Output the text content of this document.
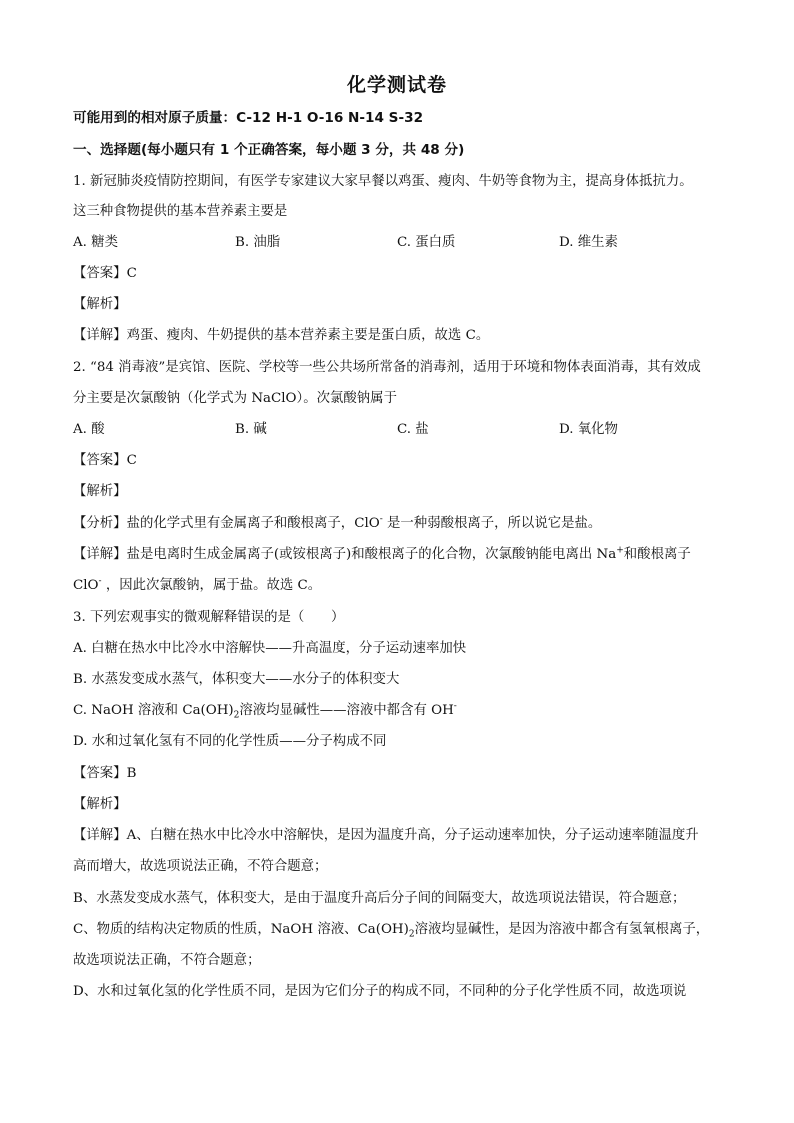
化学测试卷
可能用到的相对原子质量：C-12 H-1 O-16 N-14 S-32
一、选择题(每小题只有 1 个正确答案，每小题 3 分，共 48 分)
1. 新冠肺炎疫情防控期间，有医学专家建议大家早餐以鸡蛋、瘦肉、牛奶等食物为主，提高身体抵抗力。
这三种食物提供的基本营养素主要是
A. 糖类	B. 油脂	C. 蛋白质	D. 维生素
【答案】C
【解析】
【详解】鸡蛋、瘦肉、牛奶提供的基本营养素主要是蛋白质，故选 C。
2. “84 消毒液”是宾馆、医院、学校等一些公共场所常备的消毒剂，适用于环境和物体表面消毒，其有效成
分主要是次氯酸钠（化学式为 NaClO）。次氯酸钠属于
A. 酸	B. 碱	C. 盐	D. 氧化物
【答案】C
【解析】
【分析】盐的化学式里有金属离子和酸根离子，ClO- 是一种弱酸根离子，所以说它是盐。
【详解】盐是电离时生成金属离子(或铵根离子)和酸根离子的化合物，次氯酸钠能电离出 Na+和酸根离子
ClO- ，因此次氯酸钠，属于盐。故选 C。
3. 下列宏观事实的微观解释错误的是（　　）
A. 白糖在热水中比冷水中溶解快——升高温度，分子运动速率加快
B. 水蒸发变成水蒸气，体积变大——水分子的体积变大
C. NaOH 溶液和 $Ca(OH)_2$溶液均显碱性——溶液中都含有 OH-
D. 水和过氧化氢有不同的化学性质——分子构成不同
【答案】B
【解析】
【详解】A、白糖在热水中比冷水中溶解快，是因为温度升高，分子运动速率加快，分子运动速率随温度升
高而增大，故选项说法正确，不符合题意；
B、水蒸发变成水蒸气，体积变大，是由于温度升高后分子间的间隔变大，故选项说法错误，符合题意；
C、物质的结构决定物质的性质，NaOH 溶液、$Ca(OH)_2$溶液均显碱性，是因为溶液中都含有氢氧根离子，
故选项说法正确，不符合题意；
D、水和过氧化氢的化学性质不同，是因为它们分子的构成不同，不同种的分子化学性质不同，故选项说
